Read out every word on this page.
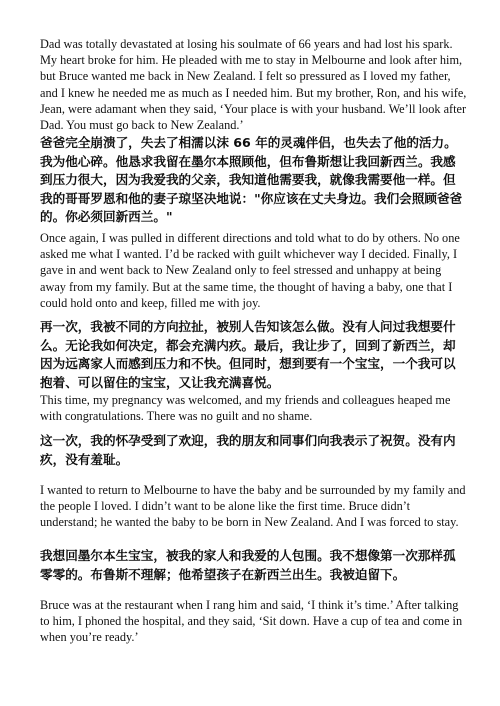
Dad was totally devastated at losing his soulmate of 66 years and had lost his spark. My heart broke for him. He pleaded with me to stay in Melbourne and look after him, but Bruce wanted me back in New Zealand. I felt so pressured as I loved my father, and I knew he needed me as much as I needed him. But my brother, Ron, and his wife, Jean, were adamant when they said, ‘Your place is with your husband. We’ll look after Dad. You must go back to New Zealand.’

爸爸完全崩溃了，失去了相濡以沫 66 年的灵魂伴侣，也失去了他的活力。我为他心碎。他恳求我留在墨尔本照顾他，但布鲁斯想让我回新西兰。我感到压力很大，因为我爱我的父亲，我知道他需要我，就像我需要他一样。但我的哥哥罗恩和他的妻子琼坚决地说："你应该在丈夫身边。我们会照顾爸爸的。你必须回新西兰。"

Once again, I was pulled in different directions and told what to do by others. No one asked me what I wanted. I’d be racked with guilt whichever way I decided. Finally, I gave in and went back to New Zealand only to feel stressed and unhappy at being away from my family. But at the same time, the thought of having a baby, one that I could hold onto and keep, filled me with joy.

再一次，我被不同的方向拉扯，被别人告知该怎么做。没有人问过我想要什么。无论我如何决定，都会充满内疚。最后，我让步了，回到了新西兰，却因为远离家人而感到压力和不快。但同时，想到要有一个宝宝，一个我可以抱着、可以留住的宝宝，又让我充满喜悦。

This time, my pregnancy was welcomed, and my friends and colleagues heaped me with congratulations. There was no guilt and no shame.

这一次，我的怀孕受到了欢迎，我的朋友和同事们向我表示了祝贺。没有内疚，没有羞耻。

I wanted to return to Melbourne to have the baby and be surrounded by my family and the people I loved. I didn’t want to be alone like the first time. Bruce didn’t understand; he wanted the baby to be born in New Zealand. And I was forced to stay.

我想回墨尔本生宝宝，被我的家人和我爱的人包围。我不想像第一次那样孤零零的。布鲁斯不理解；他希望孩子在新西兰出生。我被迫留下。

Bruce was at the restaurant when I rang him and said, ‘I think it’s time.’ After talking to him, I phoned the hospital, and they said, ‘Sit down. Have a cup of tea and come in when you’re ready.’
